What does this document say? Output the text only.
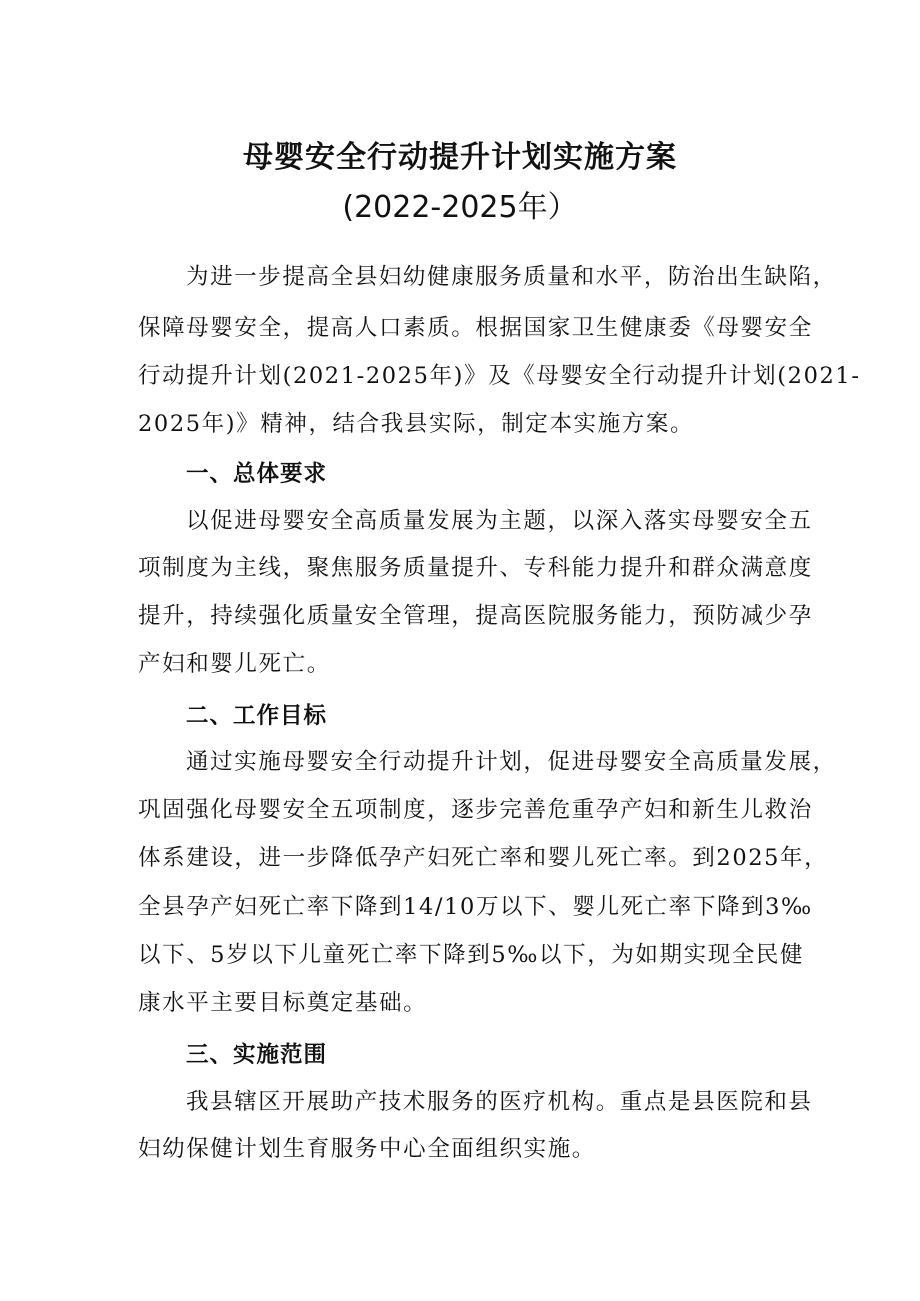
母婴安全行动提升计划实施方案
(2022-2025年）
为进一步提高全县妇幼健康服务质量和水平，防治出生缺陷，
保障母婴安全，提高人口素质。根据国家卫生健康委《母婴安全
行动提升计划(2021-2025年)》及《母婴安全行动提升计划(2021-
2025年)》精神，结合我县实际，制定本实施方案。
一、总体要求
以促进母婴安全高质量发展为主题，以深入落实母婴安全五
项制度为主线，聚焦服务质量提升、专科能力提升和群众满意度
提升，持续强化质量安全管理，提高医院服务能力，预防减少孕
产妇和婴儿死亡。
二、工作目标
通过实施母婴安全行动提升计划，促进母婴安全高质量发展，
巩固强化母婴安全五项制度，逐步完善危重孕产妇和新生儿救治
体系建设，进一步降低孕产妇死亡率和婴儿死亡率。到2025年，
全县孕产妇死亡率下降到14/10万以下、婴儿死亡率下降到3‰
以下、5岁以下儿童死亡率下降到5‰以下，为如期实现全民健
康水平主要目标奠定基础。
三、实施范围
我县辖区开展助产技术服务的医疗机构。重点是县医院和县
妇幼保健计划生育服务中心全面组织实施。
